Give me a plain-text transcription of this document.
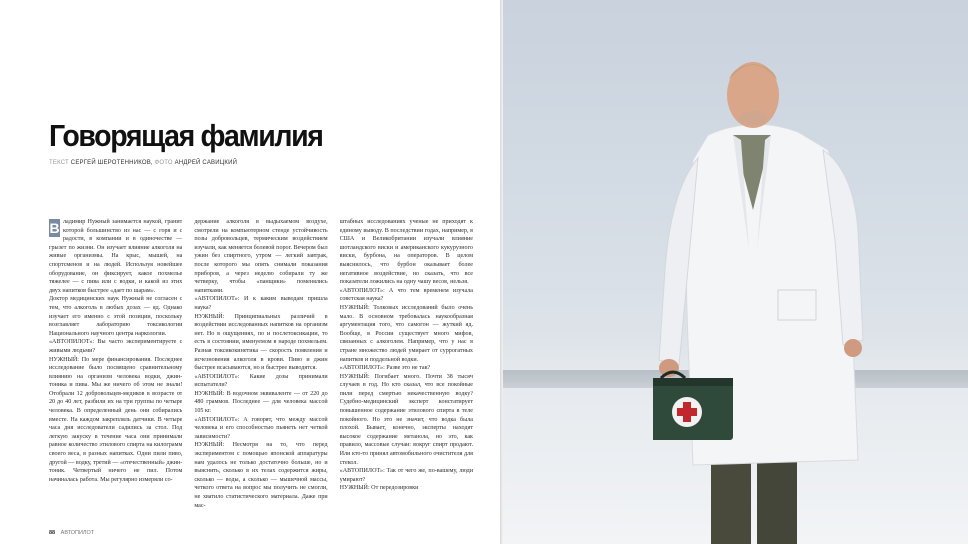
Говорящая фамилия
ТЕКСТ СЕРГЕЙ ШЕРОТЕННИКОВ, ФОТО АНДРЕЙ САВИЦКИЙ
В ладимир Нужный занимается наукой, гранит которой большинство из нас — с горя и с радости, в компании и в одиночестве — грызет по жизни. Он изучает влияние алкоголя на живые организмы. На крыс, мышей, на спортсменов и на людей. Используя новейшее оборудование, он фиксирует, какое похмелье тяжелее — с пива или с водки, и какой из этих двух напитков быстрее «дает по шарам».

Доктор медицинских наук Нужный не согласен с тем, что алкоголь в любых дозах — яд. Однако изучает его именно с этой позиции, поскольку возглавляет лабораторию токсикологии Национального научного центра наркологии.

«АВТОПИЛОТ»: Вы часто экспериментируете с живыми людьми?

НУЖНЫЙ: По мере финансирования. Последнее исследование было посвящено сравнительному влиянию на организм человека водки, джин-тоника и пива. Мы же ничего об этом не знали! Отобрали 12 добровольцев-медиков в возрасте от 20 до 40 лет, разбили их на три группы по четыре человека. В определенный день они собирались вместе. На каждом закрепляль датчики. В четыре часа дня исследователи садились за стол. Под легкую закуску в течение часа они принимали равное количество этилового спирта на килограмм своего веса, в разных напитках. Одни пили пиво, другой — водку, третий — «отечественный» джин-тоник. Четвертый ничего не пил. Потом начиналась работа. Мы регулярно измеряли со-

держание алкоголя в выдыхаемом воздухе, смотрели на компьютерном стенде устойчивость позы добровольцев, термическим воздействием изучали, как меняется болевой порог. Вечером был ужин без спиртного, утром — легкий завтрак, после которого мы опять снимали показания приборов, а через неделю собирали ту же четверку, чтобы «панщики» поменялись напитками.

«АВТОПИЛОТ»: И к каким выводам пришла наука?

НУЖНЫЙ: Принципиальных различий в воздействии исследованных напитков на организм нет. Но в ощущениях, по и послетоксикации, то есть в состоянии, именуемом в народе похмельем. Разная токсикокинетика — скорость появления и исчезновения алкоголя в крови. Пиво и джин быстрее всасываются, но и быстрее выводятся.

«АВТОПИЛОТ»: Какие дозы принимали испытатели?

НУЖНЫЙ: В водочном эквиваленте — от 220 до 480 граммов. Последнее — для человека массой 105 кг.

«АВТОПИЛОТ»: А говорят, что между массой человека и его способностью пьянеть нет четкой зависимости?

НУЖНЫЙ: Несмотря на то, что перед экспериментом с помощью японской аппаратуры нам удалось не только достаточно больше, но и выяснить, сколько в их телах содержится жиры, сколько — воды, а сколько — мышечной массы, четкого ответа на вопрос мы получить не смогли, не хватило статистического материала. Даже при мас-

штабных исследованиях ученые не приходят к единому выводу. В последствии годах, например, в США и Великобритании изучали влияние шотландского виски и американского кукурузного виски, бурбона, на операторов. В целом выяснилось, что бурбон оказывает более негативное воздействие, но сказать, что все показатели ложились на одну чашу весов, нельзя.

«АВТОПИЛОТ»: А что тем временем изучала советская наука?

НУЖНЫЙ: Толковых исследований было очень мало. В основном требовалась наукообразная аргументация того, что самогон — жуткий яд. Вообще, в России существует много мифов, связанных с алкоголем. Например, что у нас в стране множество людей умирает от суррогатных напитков и поддельной водки.

«АВТОПИЛОТ»: Разве это не так?

НУЖНЫЙ: Погибает много. Почти 38 тысяч случаев в год. Но кто сказал, что все покойные пили перед смертью некачественную водку? Судебно-медицинский эксперт констатирует повышенное содержание этилового спирта в теле покойного. Но это не значит, что водка была плохой. Бывает, конечно, эксперты находят высокое содержание метанола, но это, как правило, массовые случаи: вокруг спирт продают. Или кто-то принял автомобильного очистителя для стекол.

«АВТОПИЛОТ»: Так от чего же, по-вашему, люди умирают?

НУЖНЫЙ: От передозировки

88 АВТОПИЛОТ
